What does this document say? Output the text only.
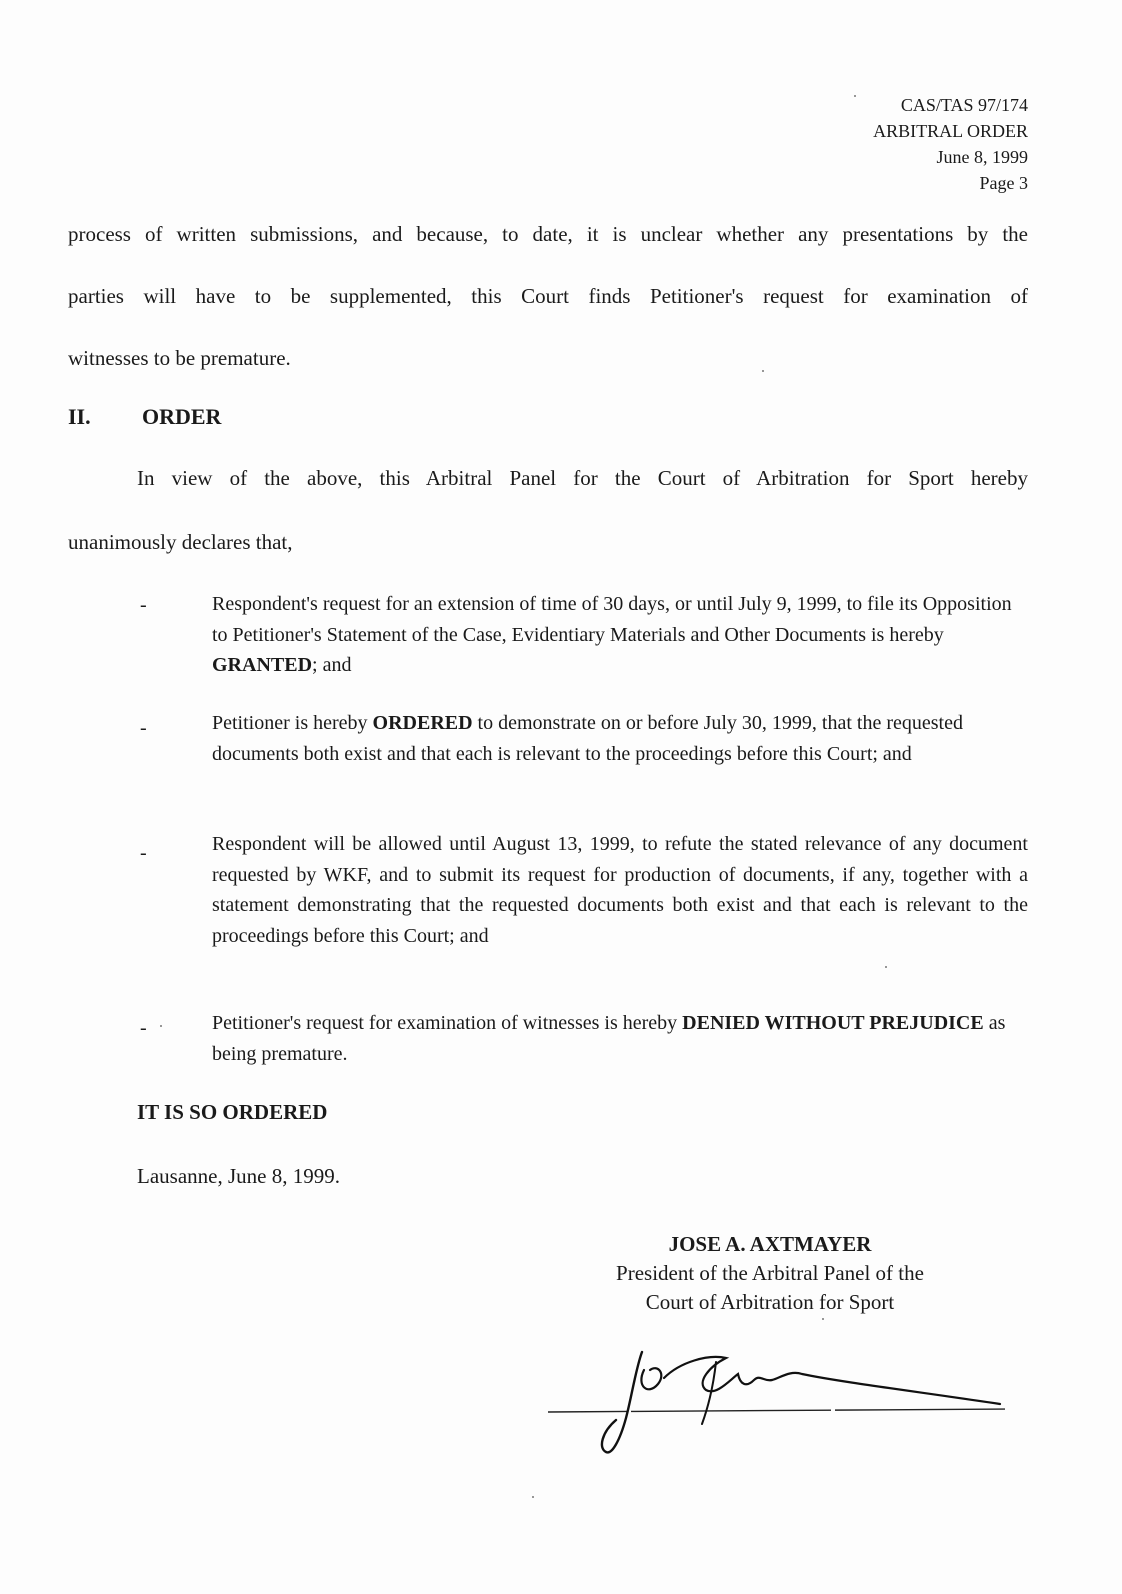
CAS/TAS 97/174
ARBITRAL ORDER
June 8, 1999
Page 3
process of written submissions, and because, to date, it is unclear whether any presentations by the
parties will have to be supplemented, this Court finds Petitioner's request for examination of
witnesses to be premature.
II. ORDER
In view of the above, this Arbitral Panel for the Court of Arbitration for Sport hereby
unanimously declares that,
-	Respondent's request for an extension of time of 30 days, or until July 9, 1999, to file its Opposition to Petitioner's Statement of the Case, Evidentiary Materials and Other Documents is hereby GRANTED; and
-	Petitioner is hereby ORDERED to demonstrate on or before July 30, 1999, that the requested documents both exist and that each is relevant to the proceedings before this Court; and
-	Respondent will be allowed until August 13, 1999, to refute the stated relevance of any document requested by WKF, and to submit its request for production of documents, if any, together with a statement demonstrating that the requested documents both exist and that each is relevant to the proceedings before this Court; and
-	Petitioner's request for examination of witnesses is hereby DENIED WITHOUT PREJUDICE as being premature.
IT IS SO ORDERED
Lausanne, June 8, 1999.
JOSE A. AXTMAYER
President of the Arbitral Panel of the
Court of Arbitration for Sport
